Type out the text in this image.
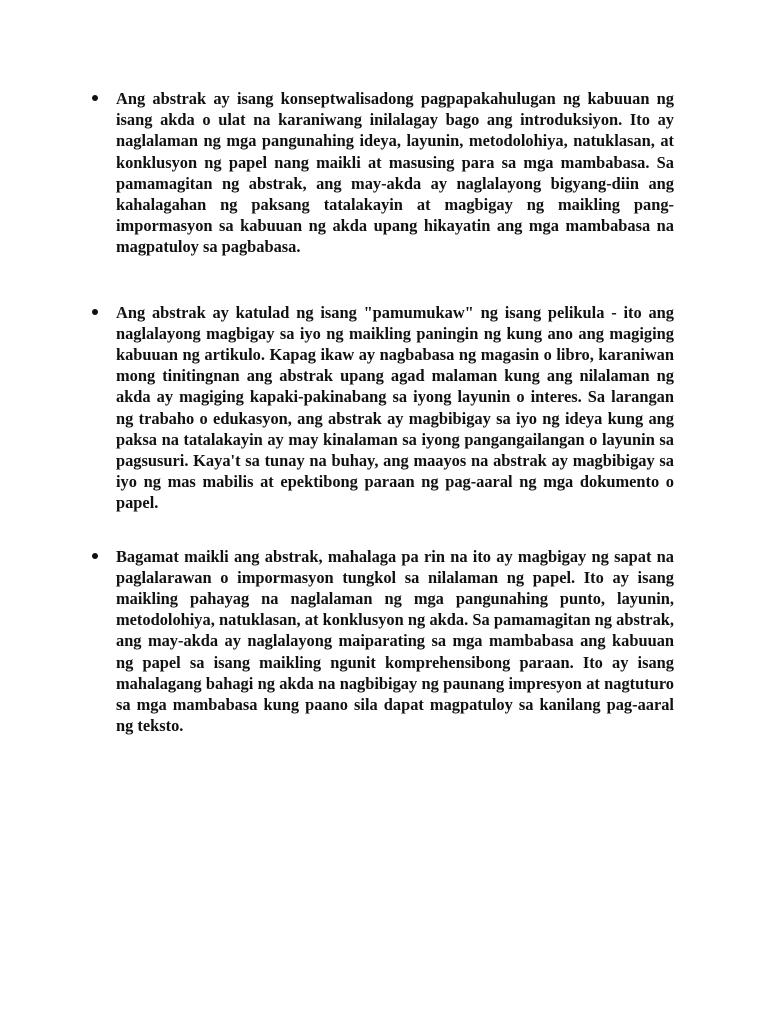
Ang abstrak ay isang konseptwalisadong pagpapakahulugan ng kabuuan ng isang akda o ulat na karaniwang inilalagay bago ang introduksiyon. Ito ay naglalaman ng mga pangunahing ideya, layunin, metodolohiya, natuklasan, at konklusyon ng papel nang maikli at masusing para sa mga mambabasa. Sa pamamagitan ng abstrak, ang may-akda ay naglalayong bigyang-diin ang kahalagahan ng paksang tatalakayin at magbigay ng maikling pang-impormasyon sa kabuuan ng akda upang hikayatin ang mga mambabasa na magpatuloy sa pagbabasa.
Ang abstrak ay katulad ng isang "pamumukaw" ng isang pelikula - ito ang naglalayong magbigay sa iyo ng maikling paningin ng kung ano ang magiging kabuuan ng artikulo. Kapag ikaw ay nagbabasa ng magasin o libro, karaniwan mong tinitingnan ang abstrak upang agad malaman kung ang nilalaman ng akda ay magiging kapaki-pakinabang sa iyong layunin o interes. Sa larangan ng trabaho o edukasyon, ang abstrak ay magbibigay sa iyo ng ideya kung ang paksa na tatalakayin ay may kinalaman sa iyong pangangailangan o layunin sa pagsusuri. Kaya't sa tunay na buhay, ang maayos na abstrak ay magbibigay sa iyo ng mas mabilis at epektibong paraan ng pag-aaral ng mga dokumento o papel.
Bagamat maikli ang abstrak, mahalaga pa rin na ito ay magbigay ng sapat na paglalarawan o impormasyon tungkol sa nilalaman ng papel. Ito ay isang maikling pahayag na naglalaman ng mga pangunahing punto, layunin, metodolohiya, natuklasan, at konklusyon ng akda. Sa pamamagitan ng abstrak, ang may-akda ay naglalayong maiparating sa mga mambabasa ang kabuuan ng papel sa isang maikling ngunit komprehensibong paraan. Ito ay isang mahalagang bahagi ng akda na nagbibigay ng paunang impresyon at nagtuturo sa mga mambabasa kung paano sila dapat magpatuloy sa kanilang pag-aaral ng teksto.
